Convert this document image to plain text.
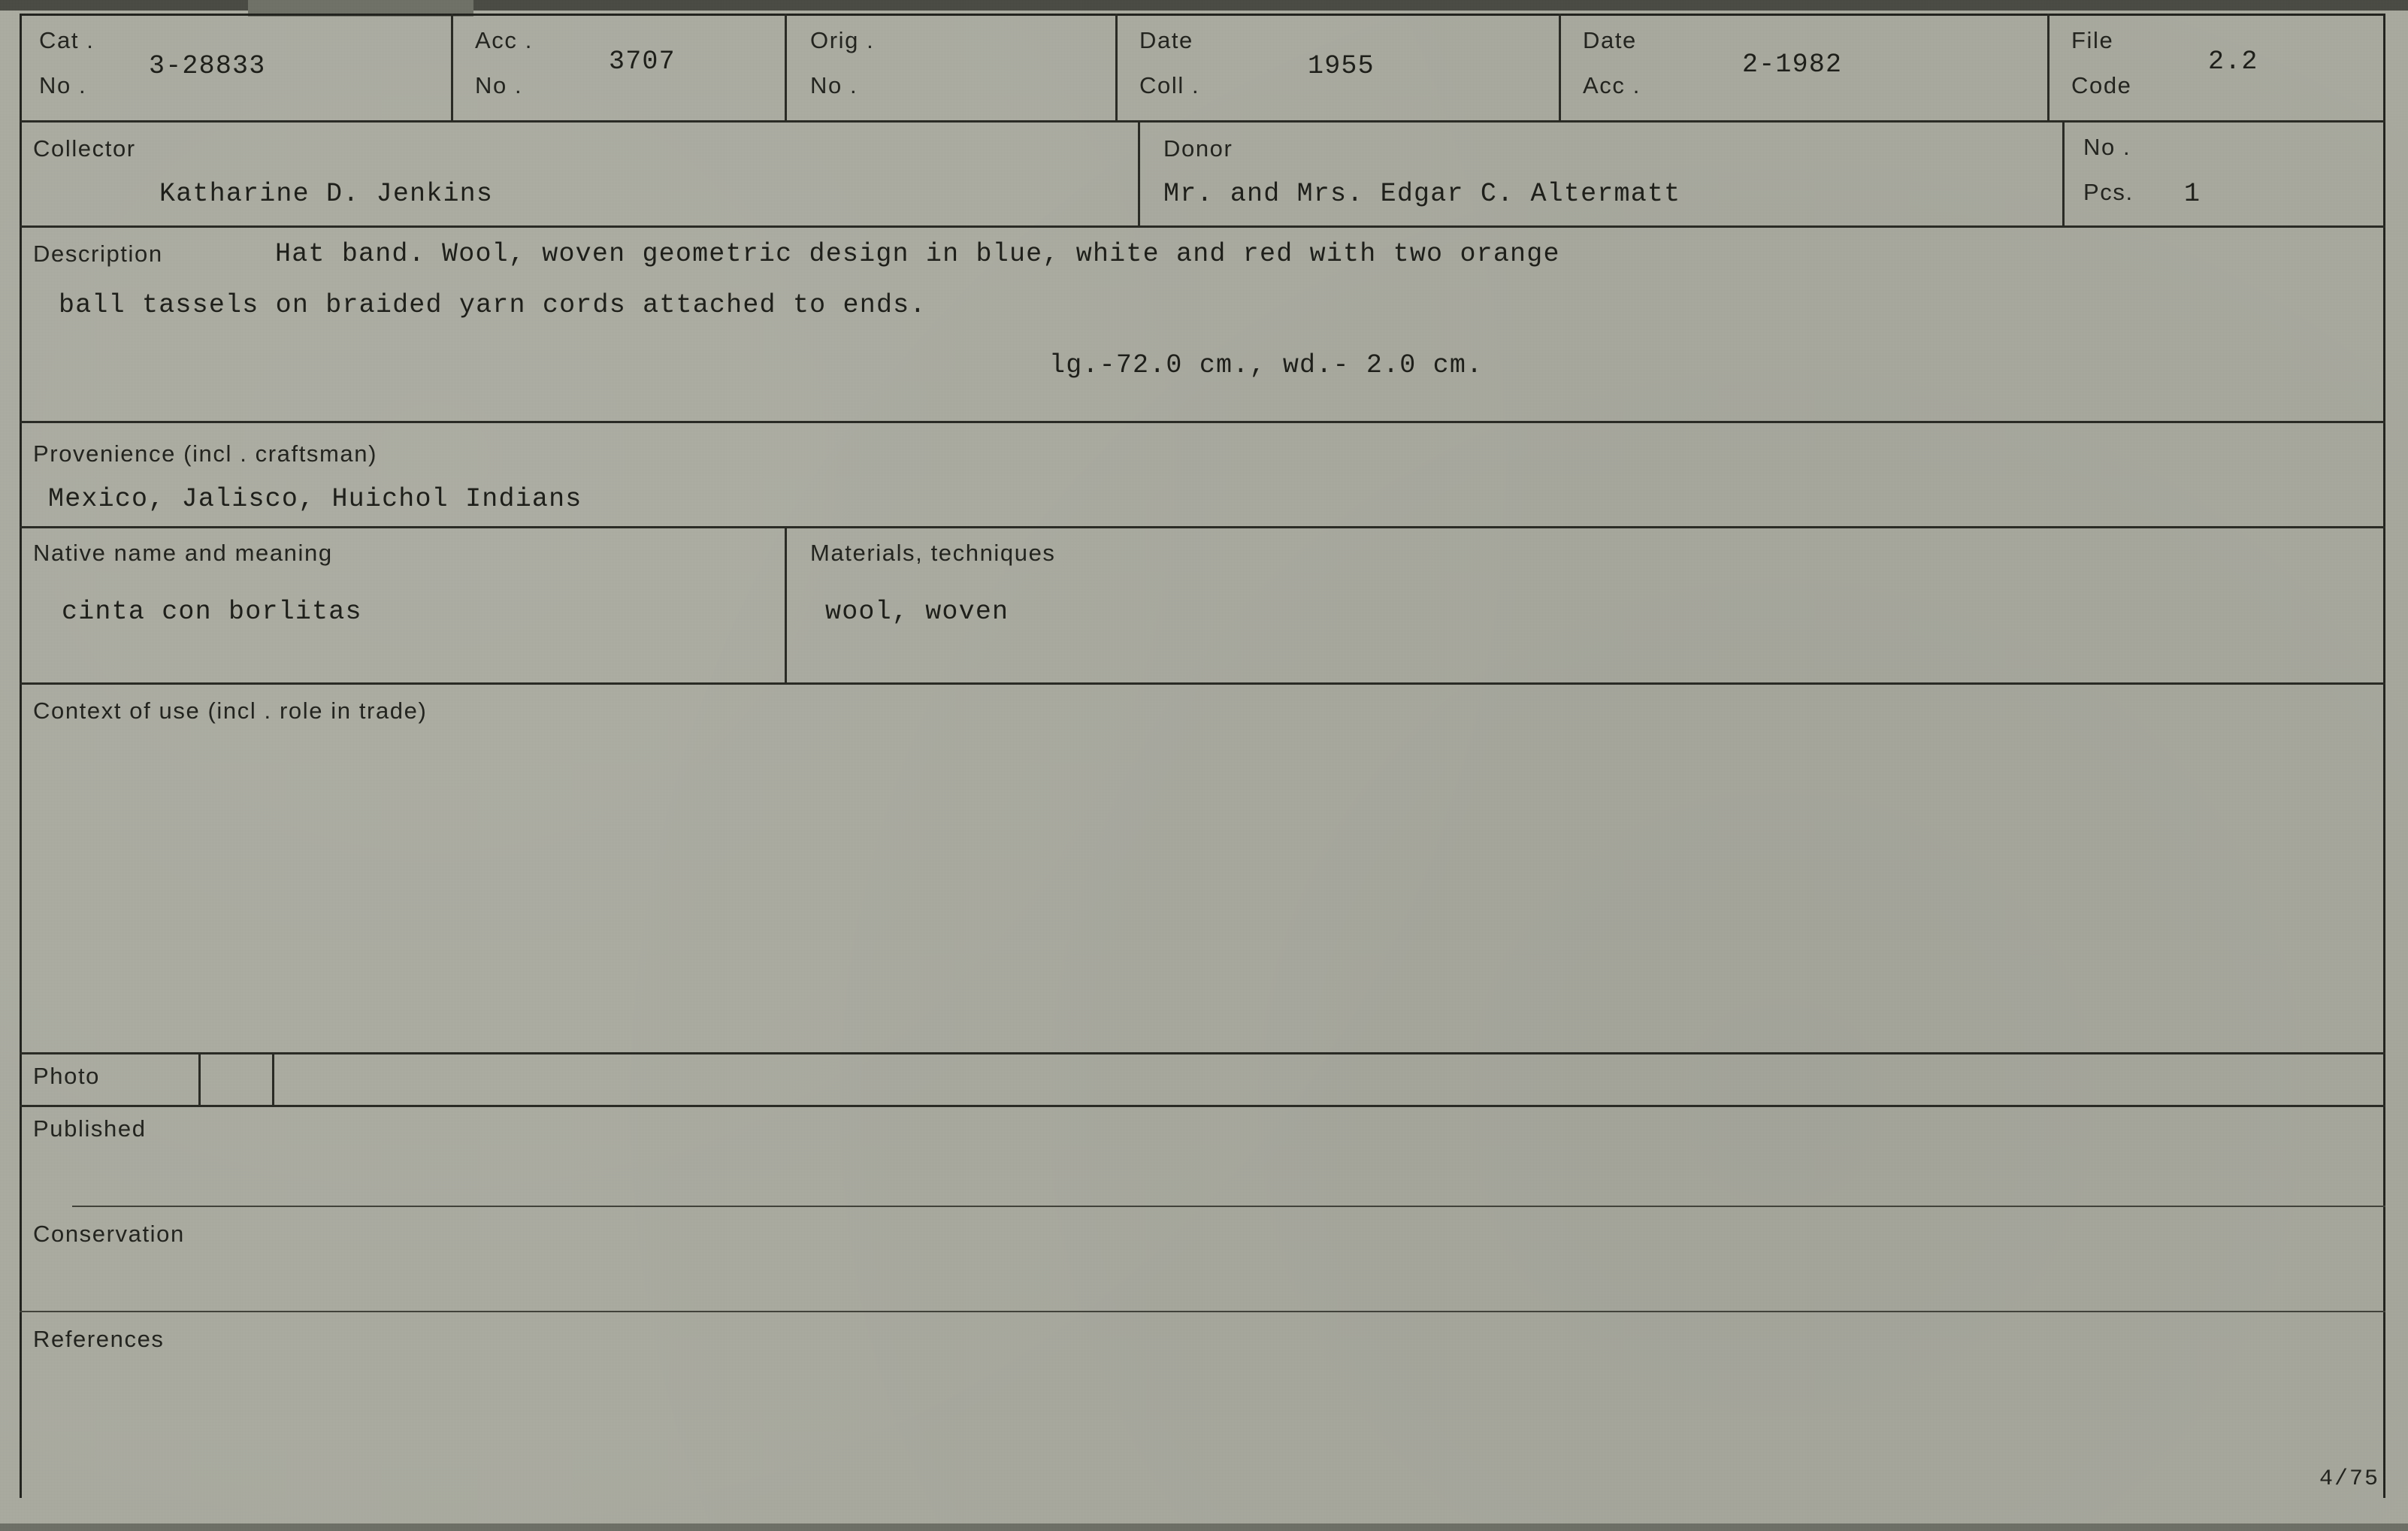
Cat .
No .
3-28833
Acc .
No .
3707
Orig .
No .
Date
Coll .
1955
Date
Acc .
2-1982
File
Code
2.2
Collector
Katharine D. Jenkins
Donor
Mr. and Mrs. Edgar C. Altermatt
No .
Pcs. 1
Description	Hat band. Wool, woven geometric design in blue, white and red with two orange
ball tassels on braided yarn cords attached to ends.
lg.-72.0 cm., wd.- 2.0 cm.
Provenience (incl . craftsman)
Mexico, Jalisco, Huichol Indians
Native name and meaning
cinta con borlitas
Materials, techniques
wool, woven
Context of use (incl . role in trade)
Photo
Published
Conservation
References
4/75
